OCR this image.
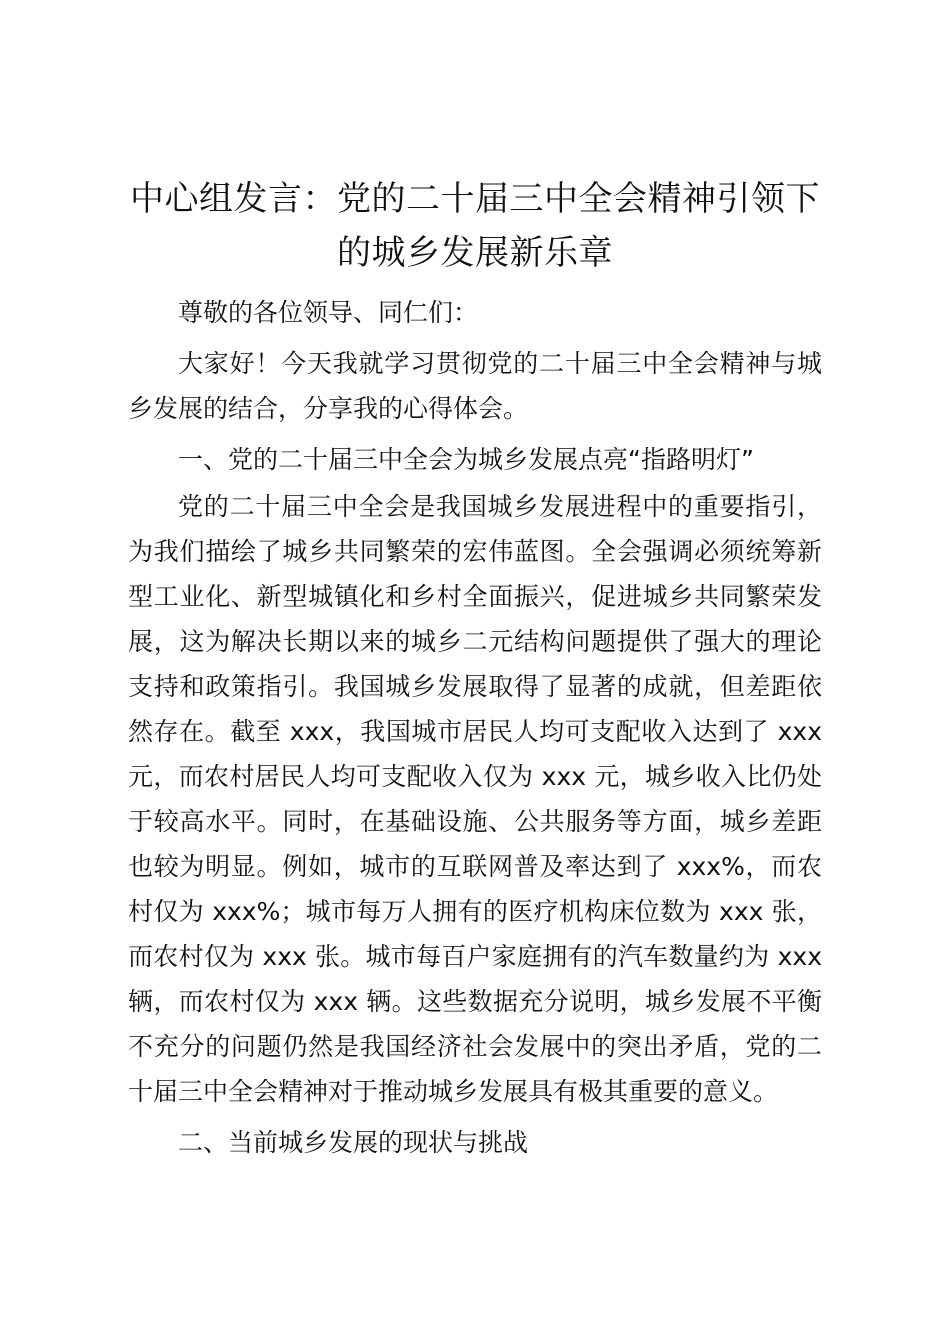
中心组发言：党的二十届三中全会精神引领下的城乡发展新乐章

尊敬的各位领导、同仁们：

大家好！今天我就学习贯彻党的二十届三中全会精神与城乡发展的结合，分享我的心得体会。

一、党的二十届三中全会为城乡发展点亮“指路明灯”

党的二十届三中全会是我国城乡发展进程中的重要指引，为我们描绘了城乡共同繁荣的宏伟蓝图。全会强调必须统筹新型工业化、新型城镇化和乡村全面振兴，促进城乡共同繁荣发展，这为解决长期以来的城乡二元结构问题提供了强大的理论支持和政策指引。我国城乡发展取得了显著的成就，但差距依然存在。截至 xxx，我国城市居民人均可支配收入达到了 xxx 元，而农村居民人均可支配收入仅为 xxx 元，城乡收入比仍处于较高水平。同时，在基础设施、公共服务等方面，城乡差距也较为明显。例如，城市的互联网普及率达到了 xxx%，而农村仅为 xxx%；城市每万人拥有的医疗机构床位数为 xxx 张，而农村仅为 xxx 张。城市每百户家庭拥有的汽车数量约为 xxx 辆，而农村仅为 xxx 辆。这些数据充分说明，城乡发展不平衡不充分的问题仍然是我国经济社会发展中的突出矛盾，党的二十届三中全会精神对于推动城乡发展具有极其重要的意义。

二、当前城乡发展的现状与挑战
